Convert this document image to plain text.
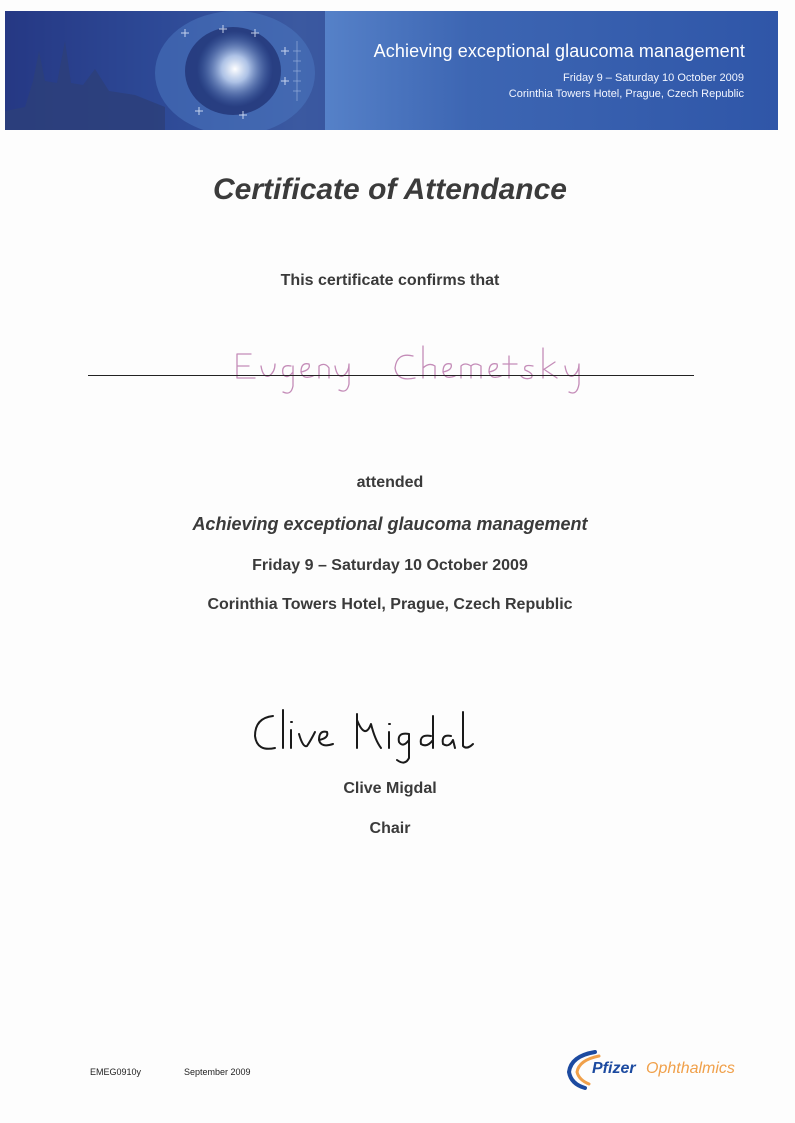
Achieving exceptional glaucoma management
Friday 9 – Saturday 10 October 2009
Corinthia Towers Hotel, Prague, Czech Republic
Certificate of Attendance
This certificate confirms that
attended
Achieving exceptional glaucoma management
Friday 9 – Saturday 10 October 2009
Corinthia Towers Hotel, Prague, Czech Republic
Clive Migdal
Chair
EMEG0910y	September 2009	Pfizer Ophthalmics
